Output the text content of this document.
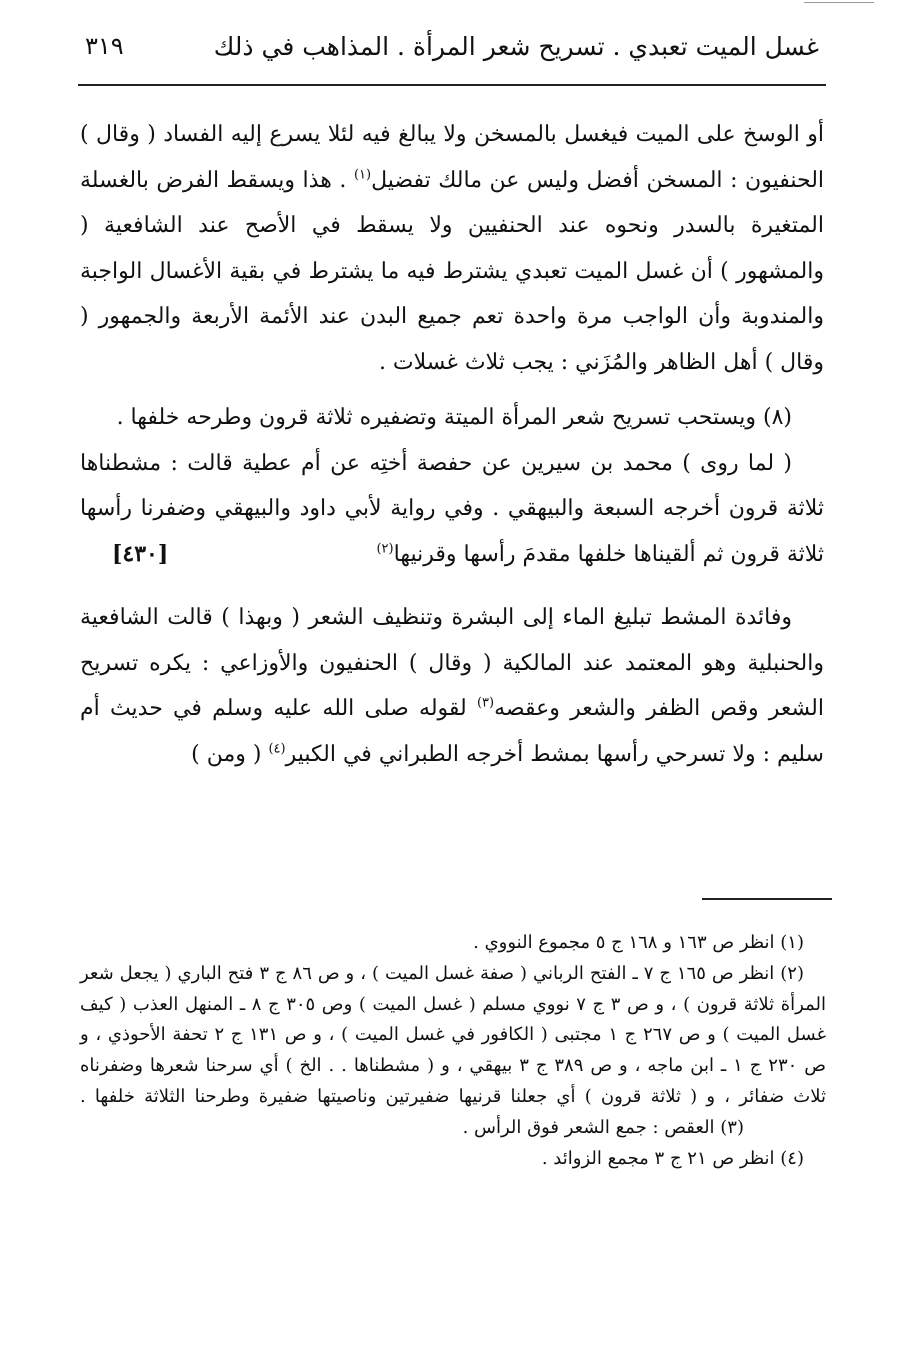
غسل الميت تعبدي . تسريح شعر المرأة . المذاهب في ذلك
٣١٩

أو الوسخ على الميت فيغسل بالمسخن ولا يبالغ فيه لئلا يسرع إليه الفساد ( وقال ) الحنفيون : المسخن أفضل وليس عن مالك تفضيل$^{(١)}$ . هذا ويسقط الفرض بالغسلة المتغيرة بالسدر ونحوه عند الحنفيين ولا يسقط في الأصح عند الشافعية ( والمشهور ) أن غسل الميت تعبدي يشترط فيه ما يشترط في بقية الأغسال الواجبة والمندوبة وأن الواجب مرة واحدة تعم جميع البدن عند الأئمة الأربعة والجمهور ( وقال ) أهل الظاهر والمُزَني : يجب ثلاث غسلات .

(٨) ويستحب تسريح شعر المرأة الميتة وتضفيره ثلاثة قرون وطرحه خلفها .

( لما روى ) محمد بن سيرين عن حفصة أختِه عن أم عطية قالت : مشطناها ثلاثة قرون أخرجه السبعة والبيهقي . وفي رواية لأبي داود والبيهقي وضفرنا رأسها ثلاثة قرون ثم ألقيناها خلفها مقدمَ رأسها وقرنيها$^{(٢)}$
[٤٣٠]

وفائدة المشط تبليغ الماء إلى البشرة وتنظيف الشعر ( وبهذا ) قالت الشافعية والحنبلية وهو المعتمد عند المالكية ( وقال ) الحنفيون والأوزاعي : يكره تسريح الشعر وقص الظفر والشعر وعقصه$^{(٣)}$ لقوله صلى الله عليه وسلم في حديث أم سليم : ولا تسرحي رأسها بمشط أخرجه الطبراني في الكبير$^{(٤)}$ ( ومن )

(١) انظر ص ١٦٣ و ١٦٨ ج ٥ مجموع النووي .

(٢) انظر ص ١٦٥ ج ٧ ـ الفتح الرباني ( صفة غسل الميت ) ، و ص ٨٦ ج ٣ فتح الباري ( يجعل شعر المرأة ثلاثة قرون ) ، و ص ٣ ج ٧ نووي مسلم ( غسل الميت ) وص ٣٠٥ ج ٨ ـ المنهل العذب ( كيف غسل الميت ) و ص ٢٦٧ ج ١ مجتبى ( الكافور في غسل الميت ) ، و ص ١٣١ ج ٢ تحفة الأحوذي ، و ص ٢٣٠ ج ١ ـ ابن ماجه ، و ص ٣٨٩ ج ٣ بيهقي ، و ( مشطناها . . الخ ) أي سرحنا شعرها وضفرناه ثلاث ضفائر ، و ( ثلاثة قرون ) أي جعلنا قرنيها ضفيرتين وناصيتها ضفيرة وطرحنا الثلاثة خلفها . (٣) العقص : جمع الشعر فوق الرأس .

(٤) انظر ص ٢١ ج ٣ مجمع الزوائد .
